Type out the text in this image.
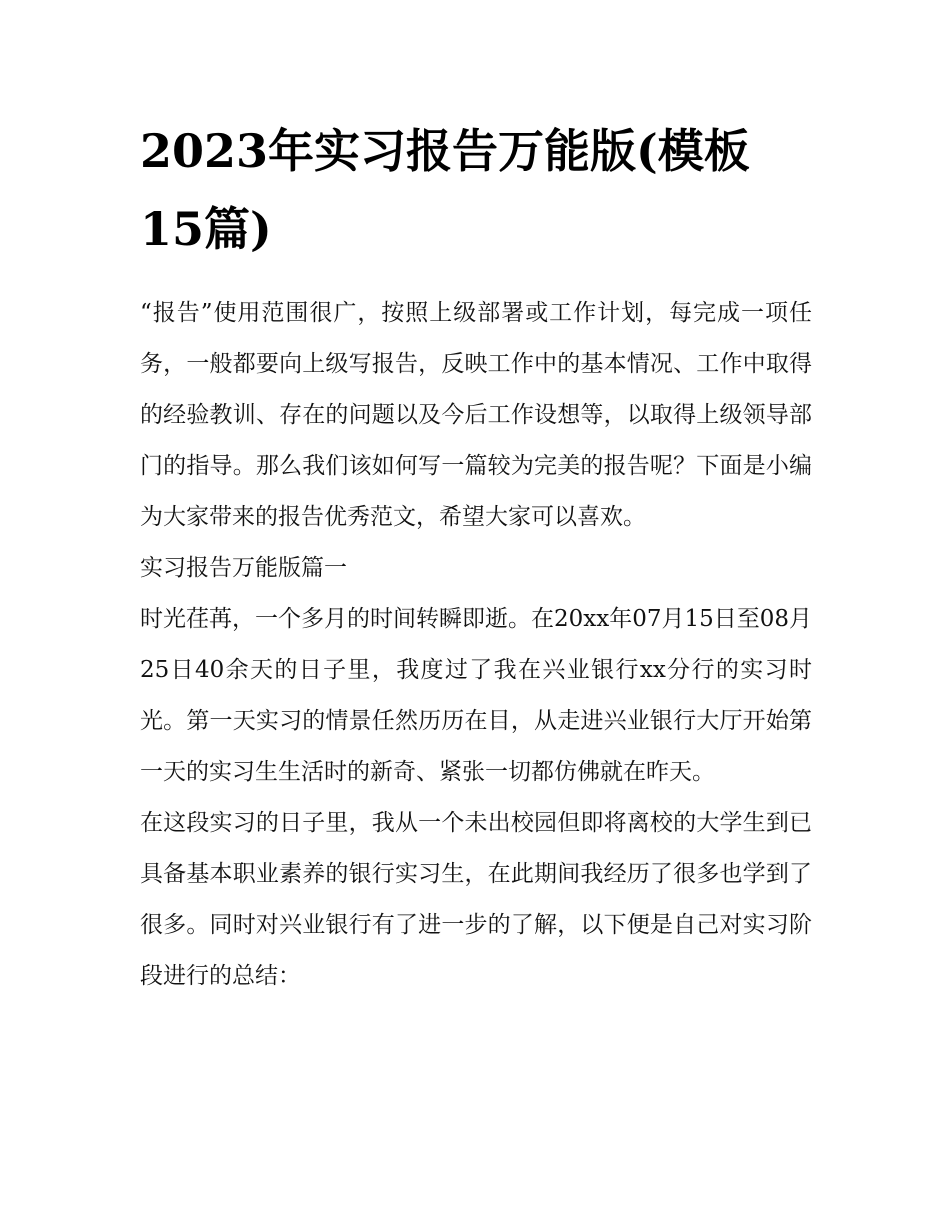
2023年实习报告万能版(模板15篇)

“报告”使用范围很广，按照上级部署或工作计划，每完成一项任务，一般都要向上级写报告，反映工作中的基本情况、工作中取得的经验教训、存在的问题以及今后工作设想等，以取得上级领导部门的指导。那么我们该如何写一篇较为完美的报告呢？下面是小编为大家带来的报告优秀范文，希望大家可以喜欢。

实习报告万能版篇一

时光荏苒，一个多月的时间转瞬即逝。在20xx年07月15日至08月25日40余天的日子里，我度过了我在兴业银行xx分行的实习时光。第一天实习的情景任然历历在目，从走进兴业银行大厅开始第一天的实习生生活时的新奇、紧张一切都仿佛就在昨天。

在这段实习的日子里，我从一个未出校园但即将离校的大学生到已具备基本职业素养的银行实习生，在此期间我经历了很多也学到了很多。同时对兴业银行有了进一步的了解，以下便是自己对实习阶段进行的总结：
